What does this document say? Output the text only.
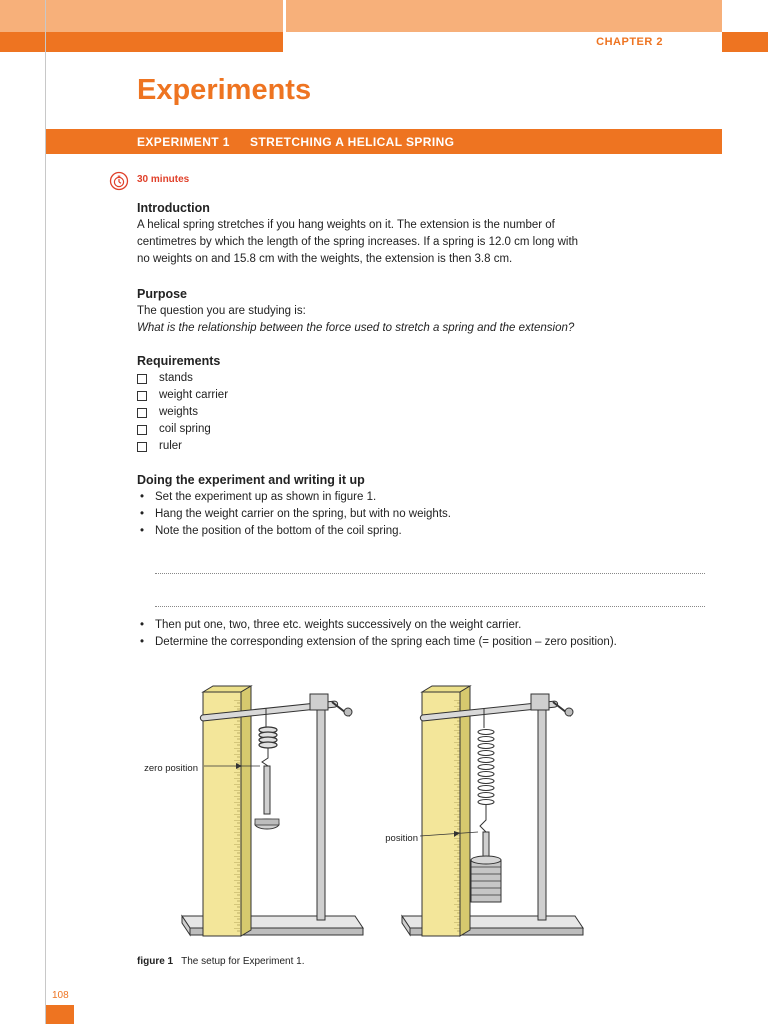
CHAPTER 2
Experiments
EXPERIMENT 1 STRETCHING A HELICAL SPRING
30 minutes
Introduction
A helical spring stretches if you hang weights on it. The extension is the number of
centimetres by which the length of the spring increases. If a spring is 12.0 cm long with
no weights on and 15.8 cm with the weights, the extension is then 3.8 cm.
Purpose
The question you are studying is:
What is the relationship between the force used to stretch a spring and the extension?
Requirements
stands
weight carrier
weights
coil spring
ruler
Doing the experiment and writing it up
• Set the experiment up as shown in figure 1.
• Hang the weight carrier on the spring, but with no weights.
• Note the position of the bottom of the coil spring.
• Then put one, two, three etc. weights successively on the weight carrier.
• Determine the corresponding extension of the spring each time (= position – zero position).
zero position
position
figure 1 The setup for Experiment 1.
108
